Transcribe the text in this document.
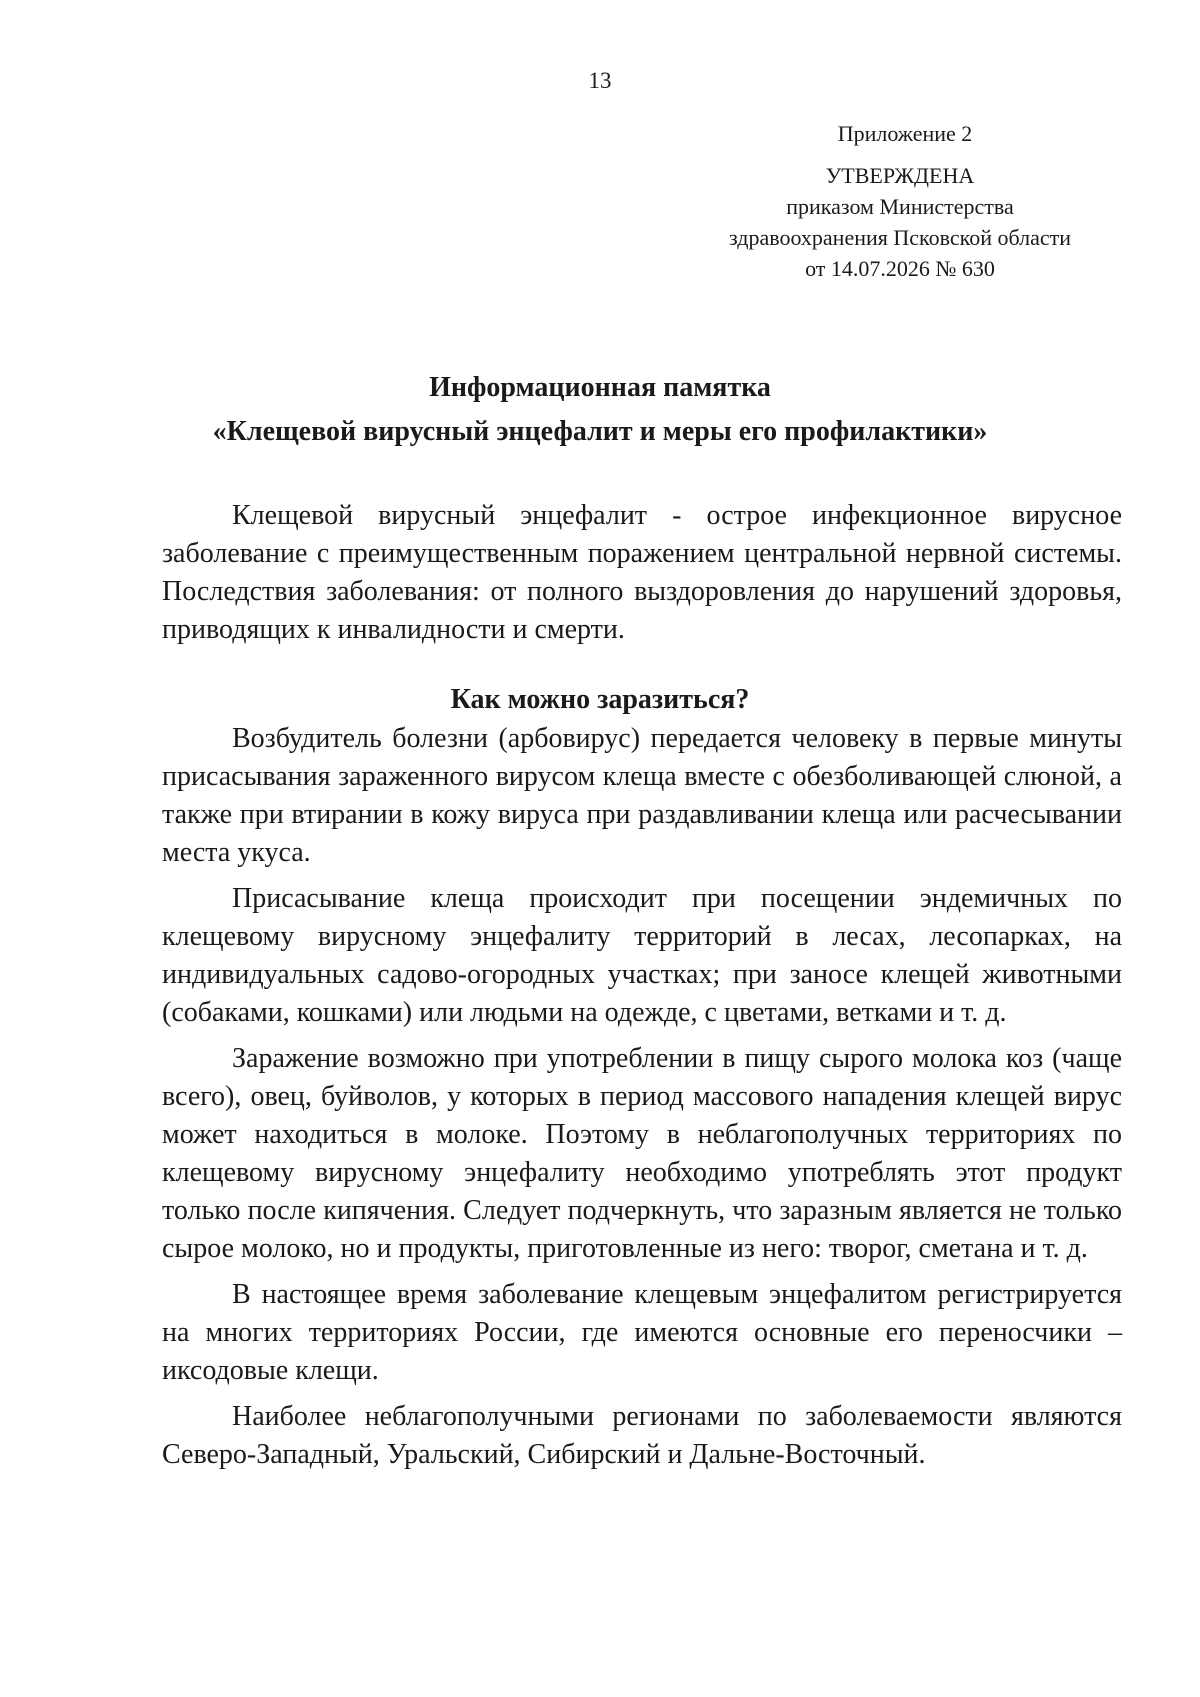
13
Приложение 2
УТВЕРЖДЕНА
приказом Министерства
здравоохранения Псковской области
от 14.07.2026 № 630
Информационная памятка
«Клещевой вирусный энцефалит и меры его профилактики»

Клещевой вирусный энцефалит - острое инфекционное вирусное заболевание с преимущественным поражением центральной нервной системы. Последствия заболевания: от полного выздоровления до нарушений здоровья, приводящих к инвалидности и смерти.

Как можно заразиться?

Возбудитель болезни (арбовирус) передается человеку в первые минуты присасывания зараженного вирусом клеща вместе с обезболивающей слюной, а также при втирании в кожу вируса при раздавливании клеща или расчесывании места укуса.

Присасывание клеща происходит при посещении эндемичных по клещевому вирусному энцефалиту территорий в лесах, лесопарках, на индивидуальных садово-огородных участках; при заносе клещей животными (собаками, кошками) или людьми на одежде, с цветами, ветками и т. д.

Заражение возможно при употреблении в пищу сырого молока коз (чаще всего), овец, буйволов, у которых в период массового нападения клещей вирус может находиться в молоке. Поэтому в неблагополучных территориях по клещевому вирусному энцефалиту необходимо употреблять этот продукт только после кипячения. Следует подчеркнуть, что заразным является не только сырое молоко, но и продукты, приготовленные из него: творог, сметана и т. д.

В настоящее время заболевание клещевым энцефалитом регистрируется на многих территориях России, где имеются основные его переносчики – иксодовые клещи.

Наиболее неблагополучными регионами по заболеваемости являются Северо-Западный, Уральский, Сибирский и Дальне-Восточный.
